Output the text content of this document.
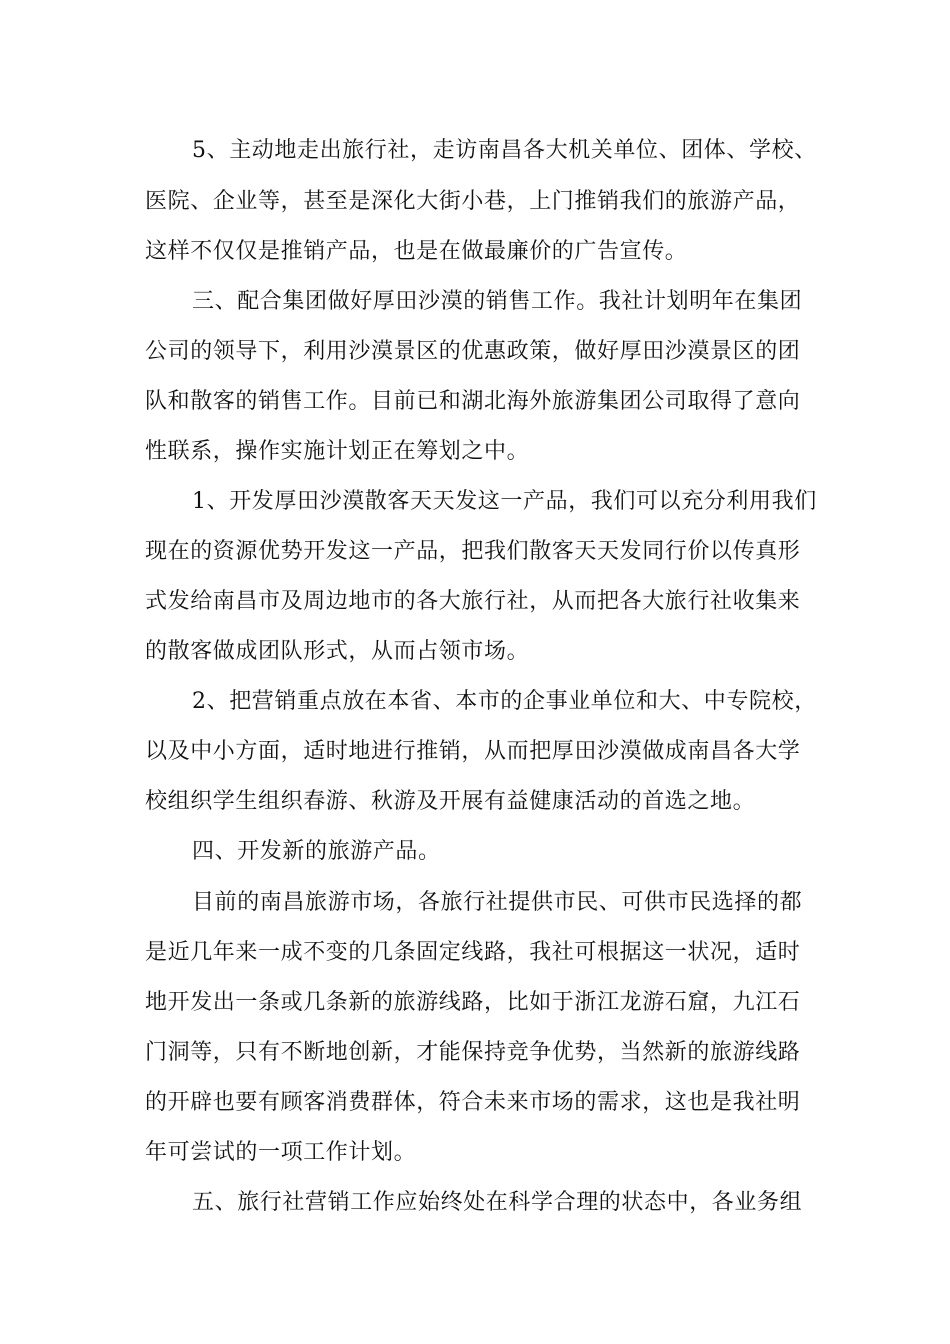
5、主动地走出旅行社，走访南昌各大机关单位、团体、学校、
医院、企业等，甚至是深化大街小巷，上门推销我们的旅游产品，
这样不仅仅是推销产品，也是在做最廉价的广告宣传。
三、配合集团做好厚田沙漠的销售工作。我社计划明年在集团
公司的领导下，利用沙漠景区的优惠政策，做好厚田沙漠景区的团
队和散客的销售工作。目前已和湖北海外旅游集团公司取得了意向
性联系，操作实施计划正在筹划之中。
1、开发厚田沙漠散客天天发这一产品，我们可以充分利用我们
现在的资源优势开发这一产品，把我们散客天天发同行价以传真形
式发给南昌市及周边地市的各大旅行社，从而把各大旅行社收集来
的散客做成团队形式，从而占领市场。
2、把营销重点放在本省、本市的企事业单位和大、中专院校，
以及中小方面，适时地进行推销，从而把厚田沙漠做成南昌各大学
校组织学生组织春游、秋游及开展有益健康活动的首选之地。
四、开发新的旅游产品。
目前的南昌旅游市场，各旅行社提供市民、可供市民选择的都
是近几年来一成不变的几条固定线路，我社可根据这一状况，适时
地开发出一条或几条新的旅游线路，比如于浙江龙游石窟，九江石
门洞等，只有不断地创新，才能保持竞争优势，当然新的旅游线路
的开辟也要有顾客消费群体，符合未来市场的需求，这也是我社明
年可尝试的一项工作计划。
五、旅行社营销工作应始终处在科学合理的状态中，各业务组
